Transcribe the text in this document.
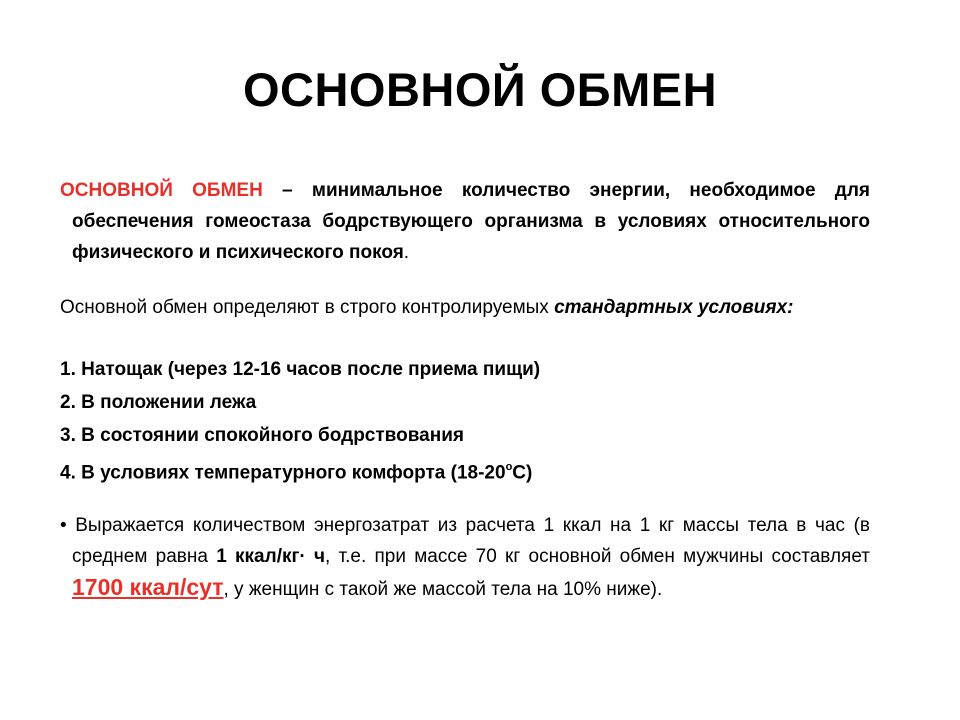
ОСНОВНОЙ ОБМЕН
ОСНОВНОЙ ОБМЕН – минимальное количество энергии, необходимое для обеспечения гомеостаза бодрствующего организма в условиях относительного физического и психического покоя.
Основной обмен определяют в строго контролируемых стандартных условиях:
1. Натощак (через 12-16 часов после приема пищи)
2. В положении лежа
3. В состоянии спокойного бодрствования
4. В условиях температурного комфорта (18-20$^o$С)
• Выражается количеством энергозатрат из расчета 1 ккал на 1 кг массы тела в час (в среднем равна 1 ккал/кг· ч, т.е. при массе 70 кг основной обмен мужчины составляет 1700 ккал/сут, у женщин с такой же массой тела на 10% ниже).
